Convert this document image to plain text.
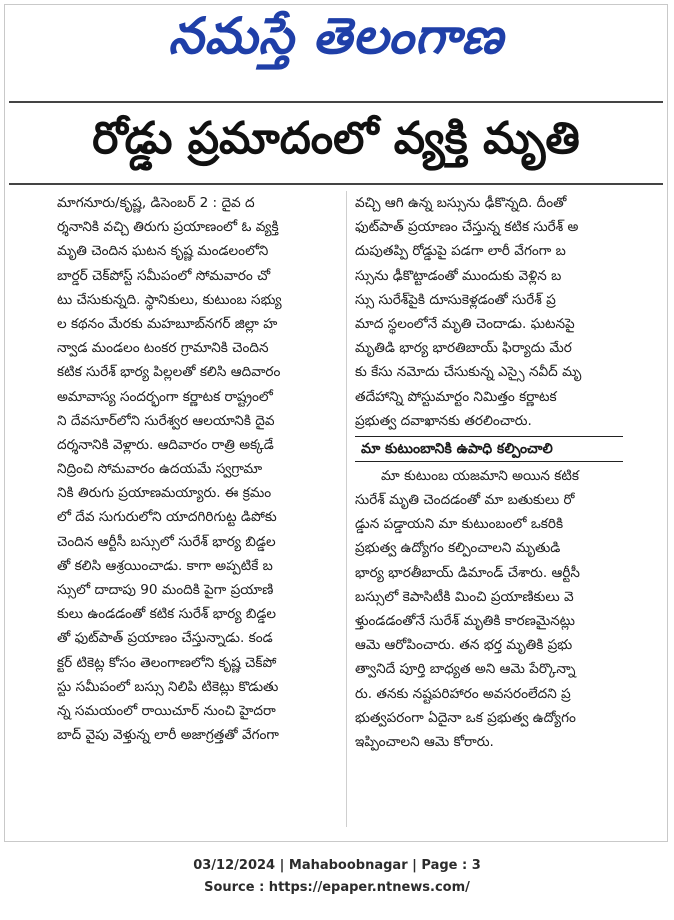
నమస్తే తెలంగాణ
రోడ్డు ప్రమాదంలో వ్యక్తి మృతి
మాగనూరు/కృష్ణ, డిసెంబర్ 2 : దైవ ద
ర్శనానికి వచ్చి తిరుగు ప్రయాణంలో ఓ వ్యక్తి
మృతి చెందిన ఘటన కృష్ణ మండలంలోని
బార్డర్ చెక్‌పోస్ట్ సమీపంలో సోమవారం చో
టు చేసుకున్నది. స్థానికులు, కుటుంబ సభ్యు
ల కథనం మేరకు మహబూబ్‌నగర్ జిల్లా హ
న్వాడ మండలం టంకర గ్రామానికి చెందిన
కటిక సురేశ్ భార్య పిల్లలతో కలిసి ఆదివారం
అమావాస్య సందర్భంగా కర్ణాటక రాష్ట్రంలో
ని దేవసూర్‌లోని సురేశ్వర ఆలయానికి దైవ
దర్శనానికి వెళ్లారు. ఆదివారం రాత్రి అక్కడే
నిద్రించి సోమవారం ఉదయమే స్వగ్రామా
నికి తిరుగు ప్రయాణమయ్యారు. ఈ క్రమం
లో దేవ సుగురులోని యాదగిరిగుట్ట డిపోకు
చెందిన ఆర్టీసీ బస్సులో సురేశ్ భార్య బిడ్డల
తో కలిసి ఆశ్రయించాడు. కాగా అప్పటికే బ
స్సులో దాదాపు 90 మందికి పైగా ప్రయాణి
కులు ఉండడంతో కటిక సురేశ్ భార్య బిడ్డల
తో ఫుట్‌పాత్ ప్రయాణం చేస్తున్నాడు. కండ
క్టర్ టికెట్ల కోసం తెలంగాణలోని కృష్ణ చెక్‌పో
స్టు సమీపంలో బస్సు నిలిపి టికెట్లు కొడుతు
న్న సమయంలో రాయిచూర్ నుంచి హైదరా
బాద్ వైపు వెళ్తున్న లారీ అజాగ్రత్తతో వేగంగా
వచ్చి ఆగి ఉన్న బస్సును ఢీకొన్నది. దీంతో
ఫుట్‌పాత్ ప్రయాణం చేస్తున్న కటిక సురేశ్ అ
దుపుతప్పి రోడ్డుపై పడగా లారీ వేగంగా బ
స్సును ఢీకొట్టాడంతో ముందుకు వెళ్లిన బ
స్సు సురేశ్‌పైకి దూసుకెళ్లడంతో సురేశ్ ప్ర
మాద స్థలంలోనే మృతి చెందాడు. ఘటనపై
మృతిడి భార్య భారతిబాయ్ ఫిర్యాదు మేర
కు కేసు నమోదు చేసుకున్న ఎస్సై నవీద్ మృ
తదేహాన్ని పోస్టుమార్టం నిమిత్తం కర్ణాటక
ప్రభుత్వ దవాఖానకు తరలించారు.
మా కుటుంబానికి ఉపాధి కల్పించాలి
మా కుటుంబ యజమాని అయిన కటిక
సురేశ్ మృతి చెందడంతో మా బతుకులు రో
డ్డున పడ్డాయని మా కుటుంబంలో ఒకరికి
ప్రభుత్వ ఉద్యోగం కల్పించాలని మృతుడి
భార్య భారతీబాయ్ డిమాండ్ చేశారు. ఆర్టీసీ
బస్సులో కెపాసిటీకి మించి ప్రయాణికులు వె
ళ్తుండడంతోనే సురేశ్ మృతికి కారణమైనట్లు
ఆమె ఆరోపించారు. తన భర్త మృతికి ప్రభు
త్వానిదే పూర్తి బాధ్యత అని ఆమె పేర్కొన్నా
రు. తనకు నష్టపరిహారం అవసరంలేదని ప్ర
భుత్వపరంగా ఏదైనా ఒక ప్రభుత్వ ఉద్యోగం
ఇప్పించాలని ఆమె కోరారు.
03/12/2024 | Mahaboobnagar | Page : 3
Source : https://epaper.ntnews.com/
